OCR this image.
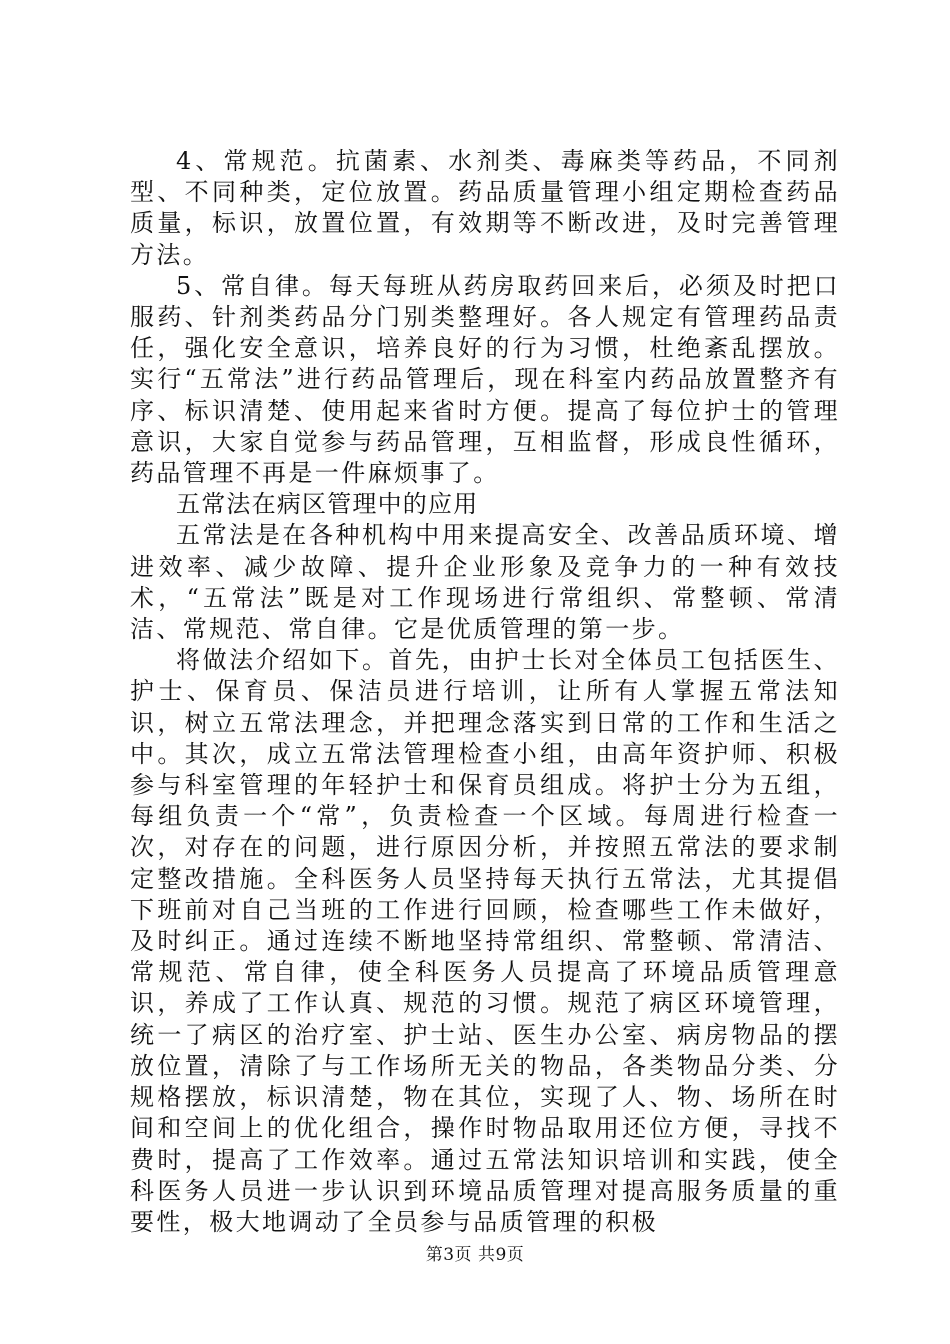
4、常规范。抗菌素、水剂类、毒麻类等药品，不同剂型、不同种类，定位放置。药品质量管理小组定期检查药品质量，标识，放置位置，有效期等不断改进，及时完善管理方法。

5、常自律。每天每班从药房取药回来后，必须及时把口服药、针剂类药品分门别类整理好。各人规定有管理药品责任，强化安全意识，培养良好的行为习惯，杜绝紊乱摆放。实行“五常法”进行药品管理后，现在科室内药品放置整齐有序、标识清楚、使用起来省时方便。提高了每位护士的管理意识，大家自觉参与药品管理，互相监督，形成良性循环，药品管理不再是一件麻烦事了。

五常法在病区管理中的应用

五常法是在各种机构中用来提高安全、改善品质环境、增进效率、减少故障、提升企业形象及竞争力的一种有效技术，“五常法”既是对工作现场进行常组织、常整顿、常清洁、常规范、常自律。它是优质管理的第一步。

将做法介绍如下。首先，由护士长对全体员工包括医生、护士、保育员、保洁员进行培训，让所有人掌握五常法知识，树立五常法理念，并把理念落实到日常的工作和生活之中。其次，成立五常法管理检查小组，由高年资护师、积极参与科室管理的年轻护士和保育员组成。将护士分为五组，每组负责一个“常”，负责检查一个区域。每周进行检查一次，对存在的问题，进行原因分析，并按照五常法的要求制定整改措施。全科医务人员坚持每天执行五常法，尤其提倡下班前对自己当班的工作进行回顾，检查哪些工作未做好，及时纠正。通过连续不断地坚持常组织、常整顿、常清洁、常规范、常自律，使全科医务人员提高了环境品质管理意识，养成了工作认真、规范的习惯。规范了病区环境管理，统一了病区的治疗室、护士站、医生办公室、病房物品的摆放位置，清除了与工作场所无关的物品，各类物品分类、分规格摆放，标识清楚，物在其位，实现了人、物、场所在时间和空间上的优化组合，操作时物品取用还位方便，寻找不费时，提高了工作效率。通过五常法知识培训和实践，使全科医务人员进一步认识到环境品质管理对提高服务质量的重要性，极大地调动了全员参与品质管理的积极

第3页 共9页
